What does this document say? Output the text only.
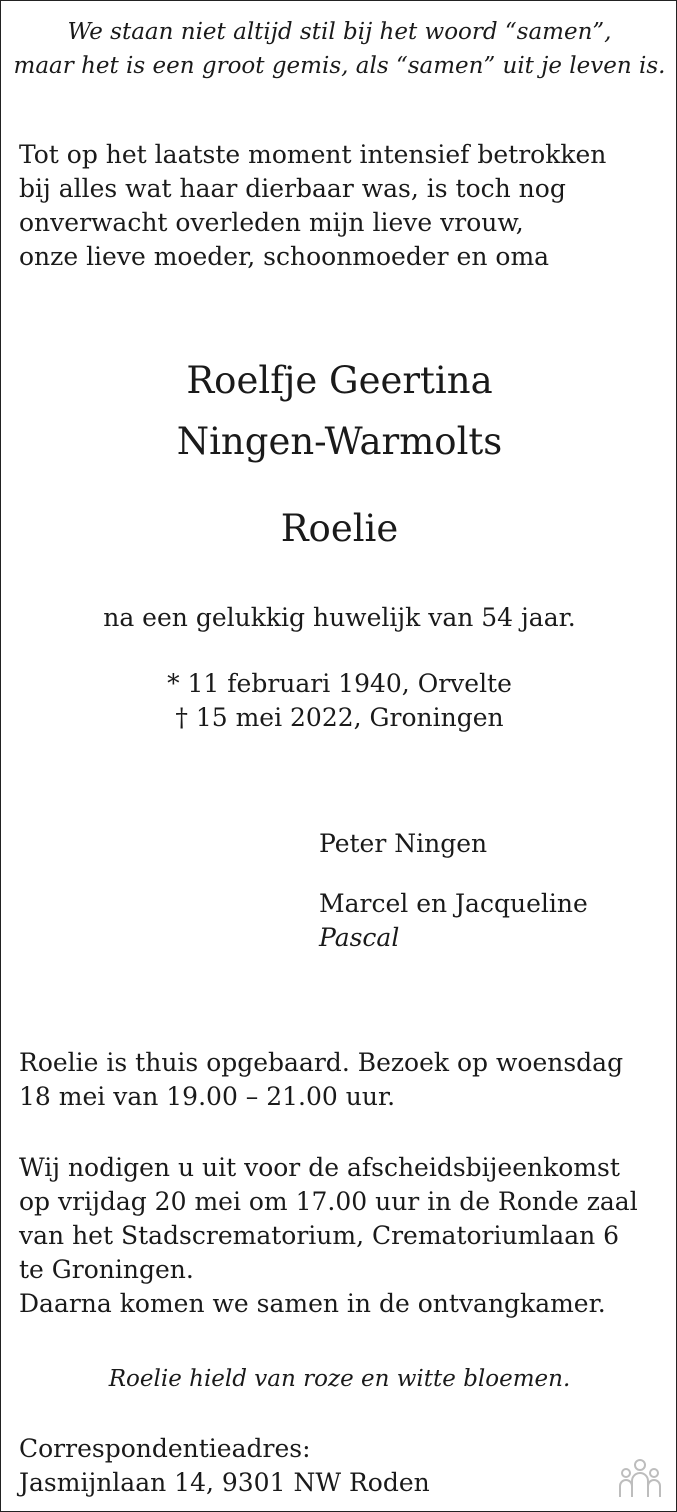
We staan niet altijd stil bij het woord “samen”,
maar het is een groot gemis, als “samen” uit je leven is.
Tot op het laatste moment intensief betrokken
bij alles wat haar dierbaar was, is toch nog
onverwacht overleden mijn lieve vrouw,
onze lieve moeder, schoonmoeder en oma
Roelfje Geertina
Ningen-Warmolts
Roelie
na een gelukkig huwelijk van 54 jaar.
* 11 februari 1940, Orvelte
† 15 mei 2022, Groningen
Peter Ningen
Marcel en Jacqueline
Pascal
Roelie is thuis opgebaard. Bezoek op woensdag
18 mei van 19.00 – 21.00 uur.
Wij nodigen u uit voor de afscheidsbijeenkomst
op vrijdag 20 mei om 17.00 uur in de Ronde zaal
van het Stadscrematorium, Crematoriumlaan 6
te Groningen.
Daarna komen we samen in de ontvangkamer.
Roelie hield van roze en witte bloemen.
Correspondentieadres:
Jasmijnlaan 14, 9301 NW Roden
